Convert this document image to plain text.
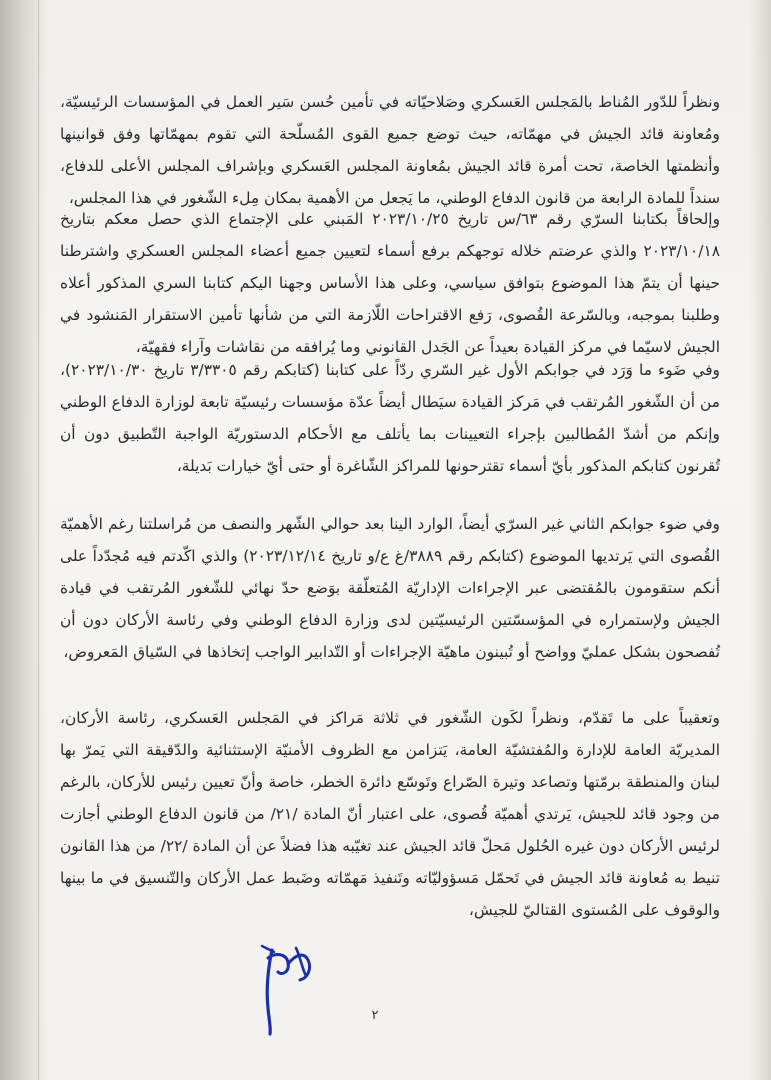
ونظراً للدّور المُناط بالمَجلس العَسكري وصَلاحيّاته في تأمين حُسن سَير العمل في المؤسسات الرئيسيّة، ومُعاونة قائد الجيش في مهمّاته، حيث توضع جميع القوى المُسلّحة التي تقوم بمهمّاتها وفق قوانينها وأنظمتها الخاصة، تحت أمرة قائد الجيش بمُعاونة المجلس العَسكري وبإشراف المجلس الأعلى للدفاع، سنداً للمادة الرابعة من قانون الدفاع الوطني، ما يَجعل من الأهمية بمكان مِلء الشّغور في هذا المجلس،

وإلحاقاً بكتابنا السرّي رقم ٦٣/س تاريخ ٢٠٢٣/١٠/٢٥ المَبني على الإجتماع الذي حصل معكم بتاريخ ٢٠٢٣/١٠/١٨ والذي عرضتم خلاله توجهكم برفع أسماء لتعيين جميع أعضاء المجلس العسكري واشترطنا حينها أن يتمّ هذا الموضوع بتوافق سياسي، وعلى هذا الأساس وجهنا اليكم كتابنا السري المذكور أعلاه وطلبنا بموجبه، وبالسّرعة القُصوى، رَفع الاقتراحات اللّازمة التي من شأنها تأمين الاستقرار المَنشود في الجيش لاسيّما في مركز القيادة بعيداً عن الجَدل القانوني وما يُرافقه من نقاشات وآراء فقهيّة،

وفي ضَوء ما وَرَد في جوابكم الأول غير السّري ردّاً على كتابنا (كتابكم رقم ٣/٣٣٠٥ تاريخ ٢٠٢٣/١٠/٣٠)، من أن الشّغور المُرتقب في مَركز القيادة سيَطال أيضاً عدّة مؤسسات رئيسيّة تابعة لوزارة الدفاع الوطني وإنكم من أشدّ المُطالبين بإجراء التعيينات بما يأتلف مع الأحكام الدستوريّة الواجبة التّطبيق دون أن تُقرنون كتابكم المذكور بأيّ أسماء تقترحونها للمراكز الشّاغرة أو حتى أيّ خيارات بَديلة،

وفي ضوء جوابكم الثاني غير السرّي أيضاً، الوارد الينا بعد حوالي الشّهر والنصف من مُراسلتنا رغم الأهميّة القُصوى التي يَرتديها الموضوع (كتابكم رقم ٣٨٨٩/غ ع/و تاريخ ٢٠٢٣/١٢/١٤) والذي اكّدتم فيه مُجدّداً على أنكم ستقومون بالمُقتضى عبر الإجراءات الإداريّة المُتعلّقة بوَضع حدّ نهائي للشّغور المُرتقب في قيادة الجيش ولإستمراره في المؤسسّتين الرئيسيّتين لدى وزارة الدفاع الوطني وفي رئاسة الأركان دون أن تُفصحون بشكل عمليّ وواضح أو تُبينون ماهيّة الإجراءات أو التّدابير الواجب إتخاذها في السّياق المَعروض،

وتعقيباً على ما تَقدّم، ونظراً لكَون الشّغور في ثلاثة مَراكز في المَجلس العَسكري، رئاسة الأركان، المديريّة العامة للإدارة والمُفتشيّة العامة، يَتزامن مع الظروف الأمنيّة الإستثنائية والدّقيقة التي يَمرّ بها لبنان والمنطقة برمّتها وتصاعد وتيرة الصّراع وتَوسّع دائرة الخطر، خاصة وأنّ تعيين رئيس للأركان، بالرغم من وجود قائد للجيش، يَرتدي أهميّة قُصوى، على اعتبار أنّ المادة /٢١/ من قانون الدفاع الوطني أجازت لرئيس الأركان دون غيره الحُلول مَحلّ قائد الجيش عند تغيّبه هذا فضلاً عن أن المادة /٢٢/ من هذا القانون تنيط به مُعاونة قائد الجيش في تَحمّل مَسؤوليّاته وتَنفيذ مَهمّاته وضَبط عمل الأركان والتّنسيق في ما بينها والوقوف على المُستوى القتاليّ للجيش،

٢
